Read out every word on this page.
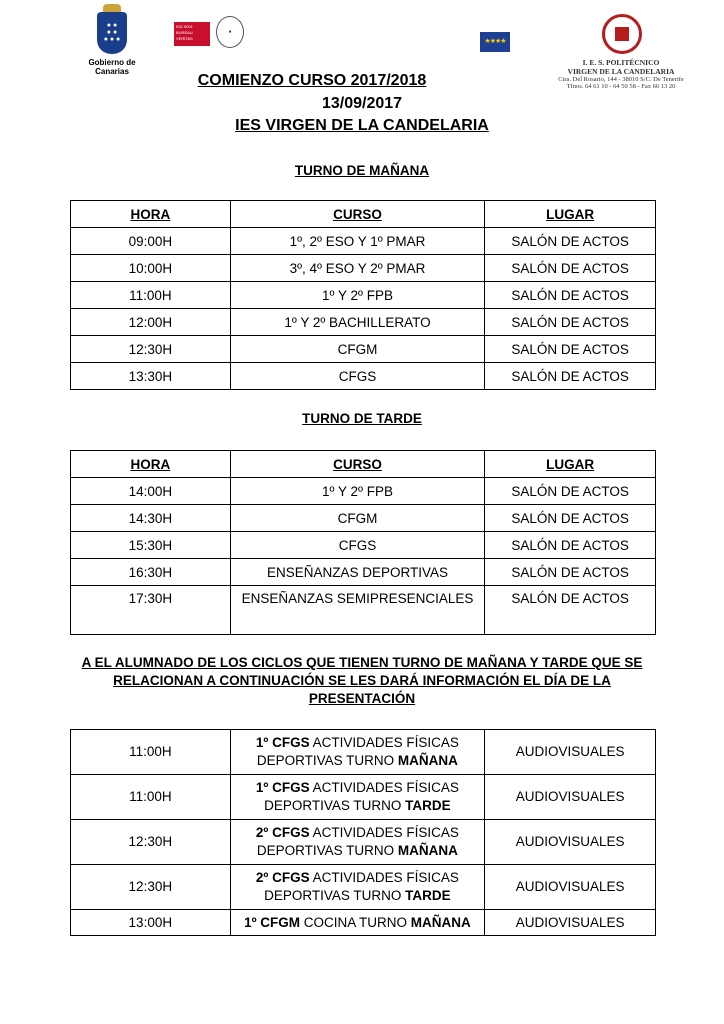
● ●
● ●
● ● ●
Gobierno de Canarias
ISO 9001
BUREAU VERITAS
●
★★★★
I. E. S. POLITÉCNICO
VIRGEN DE LA CANDELARIA
Ctra. Del Rosario, 144 - 38010 S/C. De Tenerife
Tfnos. 64 61 10 - 64 50 58 - Fax 66 13 20
COMIENZO CURSO 2017/2018
13/09/2017
IES VIRGEN DE LA CANDELARIA
TURNO DE MAÑANA
HORA	CURSO	LUGAR
09:00H	1º, 2º ESO Y 1º PMAR	SALÓN DE ACTOS
10:00H	3º, 4º ESO Y 2º PMAR	SALÓN DE ACTOS
11:00H	1º Y 2º FPB	SALÓN DE ACTOS
12:00H	1º Y 2º BACHILLERATO	SALÓN DE ACTOS
12:30H	CFGM	SALÓN DE ACTOS
13:30H	CFGS	SALÓN DE ACTOS
TURNO DE TARDE
HORA	CURSO	LUGAR
14:00H	1º Y 2º FPB	SALÓN DE ACTOS
14:30H	CFGM	SALÓN DE ACTOS
15:30H	CFGS	SALÓN DE ACTOS
16:30H	ENSEÑANZAS DEPORTIVAS	SALÓN DE ACTOS
17:30H	ENSEÑANZAS SEMIPRESENCIALES	SALÓN DE ACTOS
A EL ALUMNADO DE LOS CICLOS QUE TIENEN TURNO DE MAÑANA Y TARDE QUE SE RELACIONAN A CONTINUACIÓN SE LES DARÁ INFORMACIÓN EL DÍA DE LA PRESENTACIÓN
11:00H	1º CFGS ACTIVIDADES FÍSICAS DEPORTIVAS TURNO MAÑANA	AUDIOVISUALES
11:00H	1º CFGS ACTIVIDADES FÍSICAS DEPORTIVAS TURNO TARDE	AUDIOVISUALES
12:30H	2º CFGS ACTIVIDADES FÍSICAS DEPORTIVAS TURNO MAÑANA	AUDIOVISUALES
12:30H	2º CFGS ACTIVIDADES FÍSICAS DEPORTIVAS TURNO TARDE	AUDIOVISUALES
13:00H	1º CFGM COCINA TURNO MAÑANA	AUDIOVISUALES
